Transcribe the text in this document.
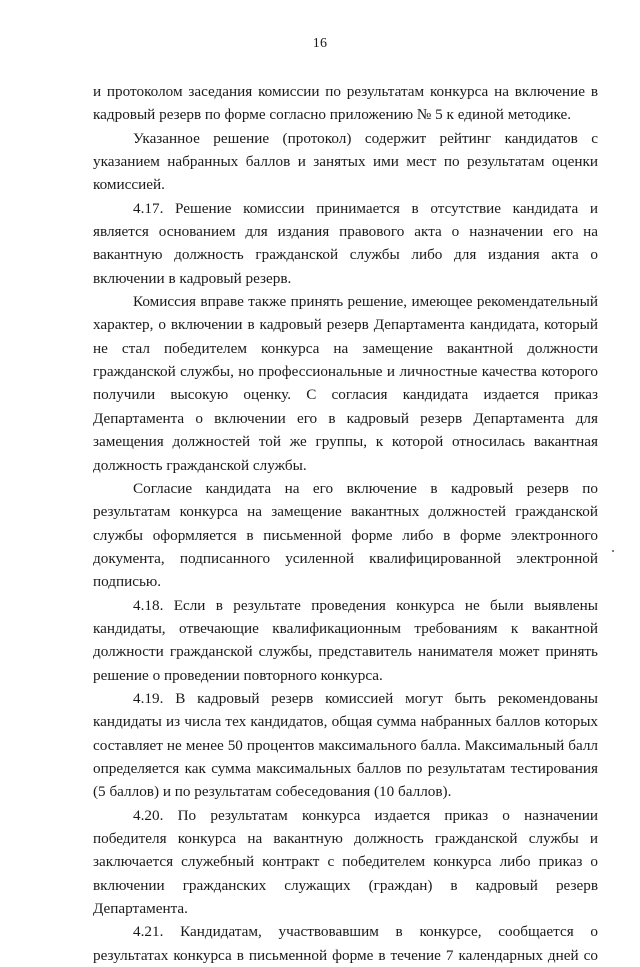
16

и протоколом заседания комиссии по результатам конкурса на включение в
кадровый резерв по форме согласно приложению № 5 к единой методике.

Указанное решение (протокол) содержит рейтинг кандидатов с
указанием набранных баллов и занятых ими мест по результатам оценки
комиссией.

4.17. Решение комиссии принимается в отсутствие кандидата и
является основанием для издания правового акта о назначении его на
вакантную должность гражданской службы либо для издания акта о
включении в кадровый резерв.

Комиссия вправе также принять решение, имеющее рекомендательный
характер, о включении в кадровый резерв Департамента кандидата, который
не стал победителем конкурса на замещение вакантной должности
гражданской службы, но профессиональные и личностные качества которого
получили высокую оценку. С согласия кандидата издается приказ
Департамента о включении его в кадровый резерв Департамента для
замещения должностей той же группы, к которой относилась вакантная
должность гражданской службы.

Согласие кандидата на его включение в кадровый резерв по
результатам конкурса на замещение вакантных должностей гражданской
службы оформляется в письменной форме либо в форме электронного
документа, подписанного усиленной квалифицированной электронной
подписью.

4.18. Если в результате проведения конкурса не были выявлены
кандидаты, отвечающие квалификационным требованиям к вакантной
должности гражданской службы, представитель нанимателя может принять
решение о проведении повторного конкурса.

4.19. В кадровый резерв комиссией могут быть рекомендованы
кандидаты из числа тех кандидатов, общая сумма набранных баллов которых
составляет не менее 50 процентов максимального балла. Максимальный балл
определяется как сумма максимальных баллов по результатам тестирования
(5 баллов) и по результатам собеседования (10 баллов).

4.20. По результатам конкурса издается приказ о назначении
победителя конкурса на вакантную должность гражданской службы и
заключается служебный контракт с победителем конкурса либо приказ о
включении гражданских служащих (граждан) в кадровый резерв
Департамента.

4.21. Кандидатам, участвовавшим в конкурсе, сообщается о
результатах конкурса в письменной форме в течение 7 календарных дней со
